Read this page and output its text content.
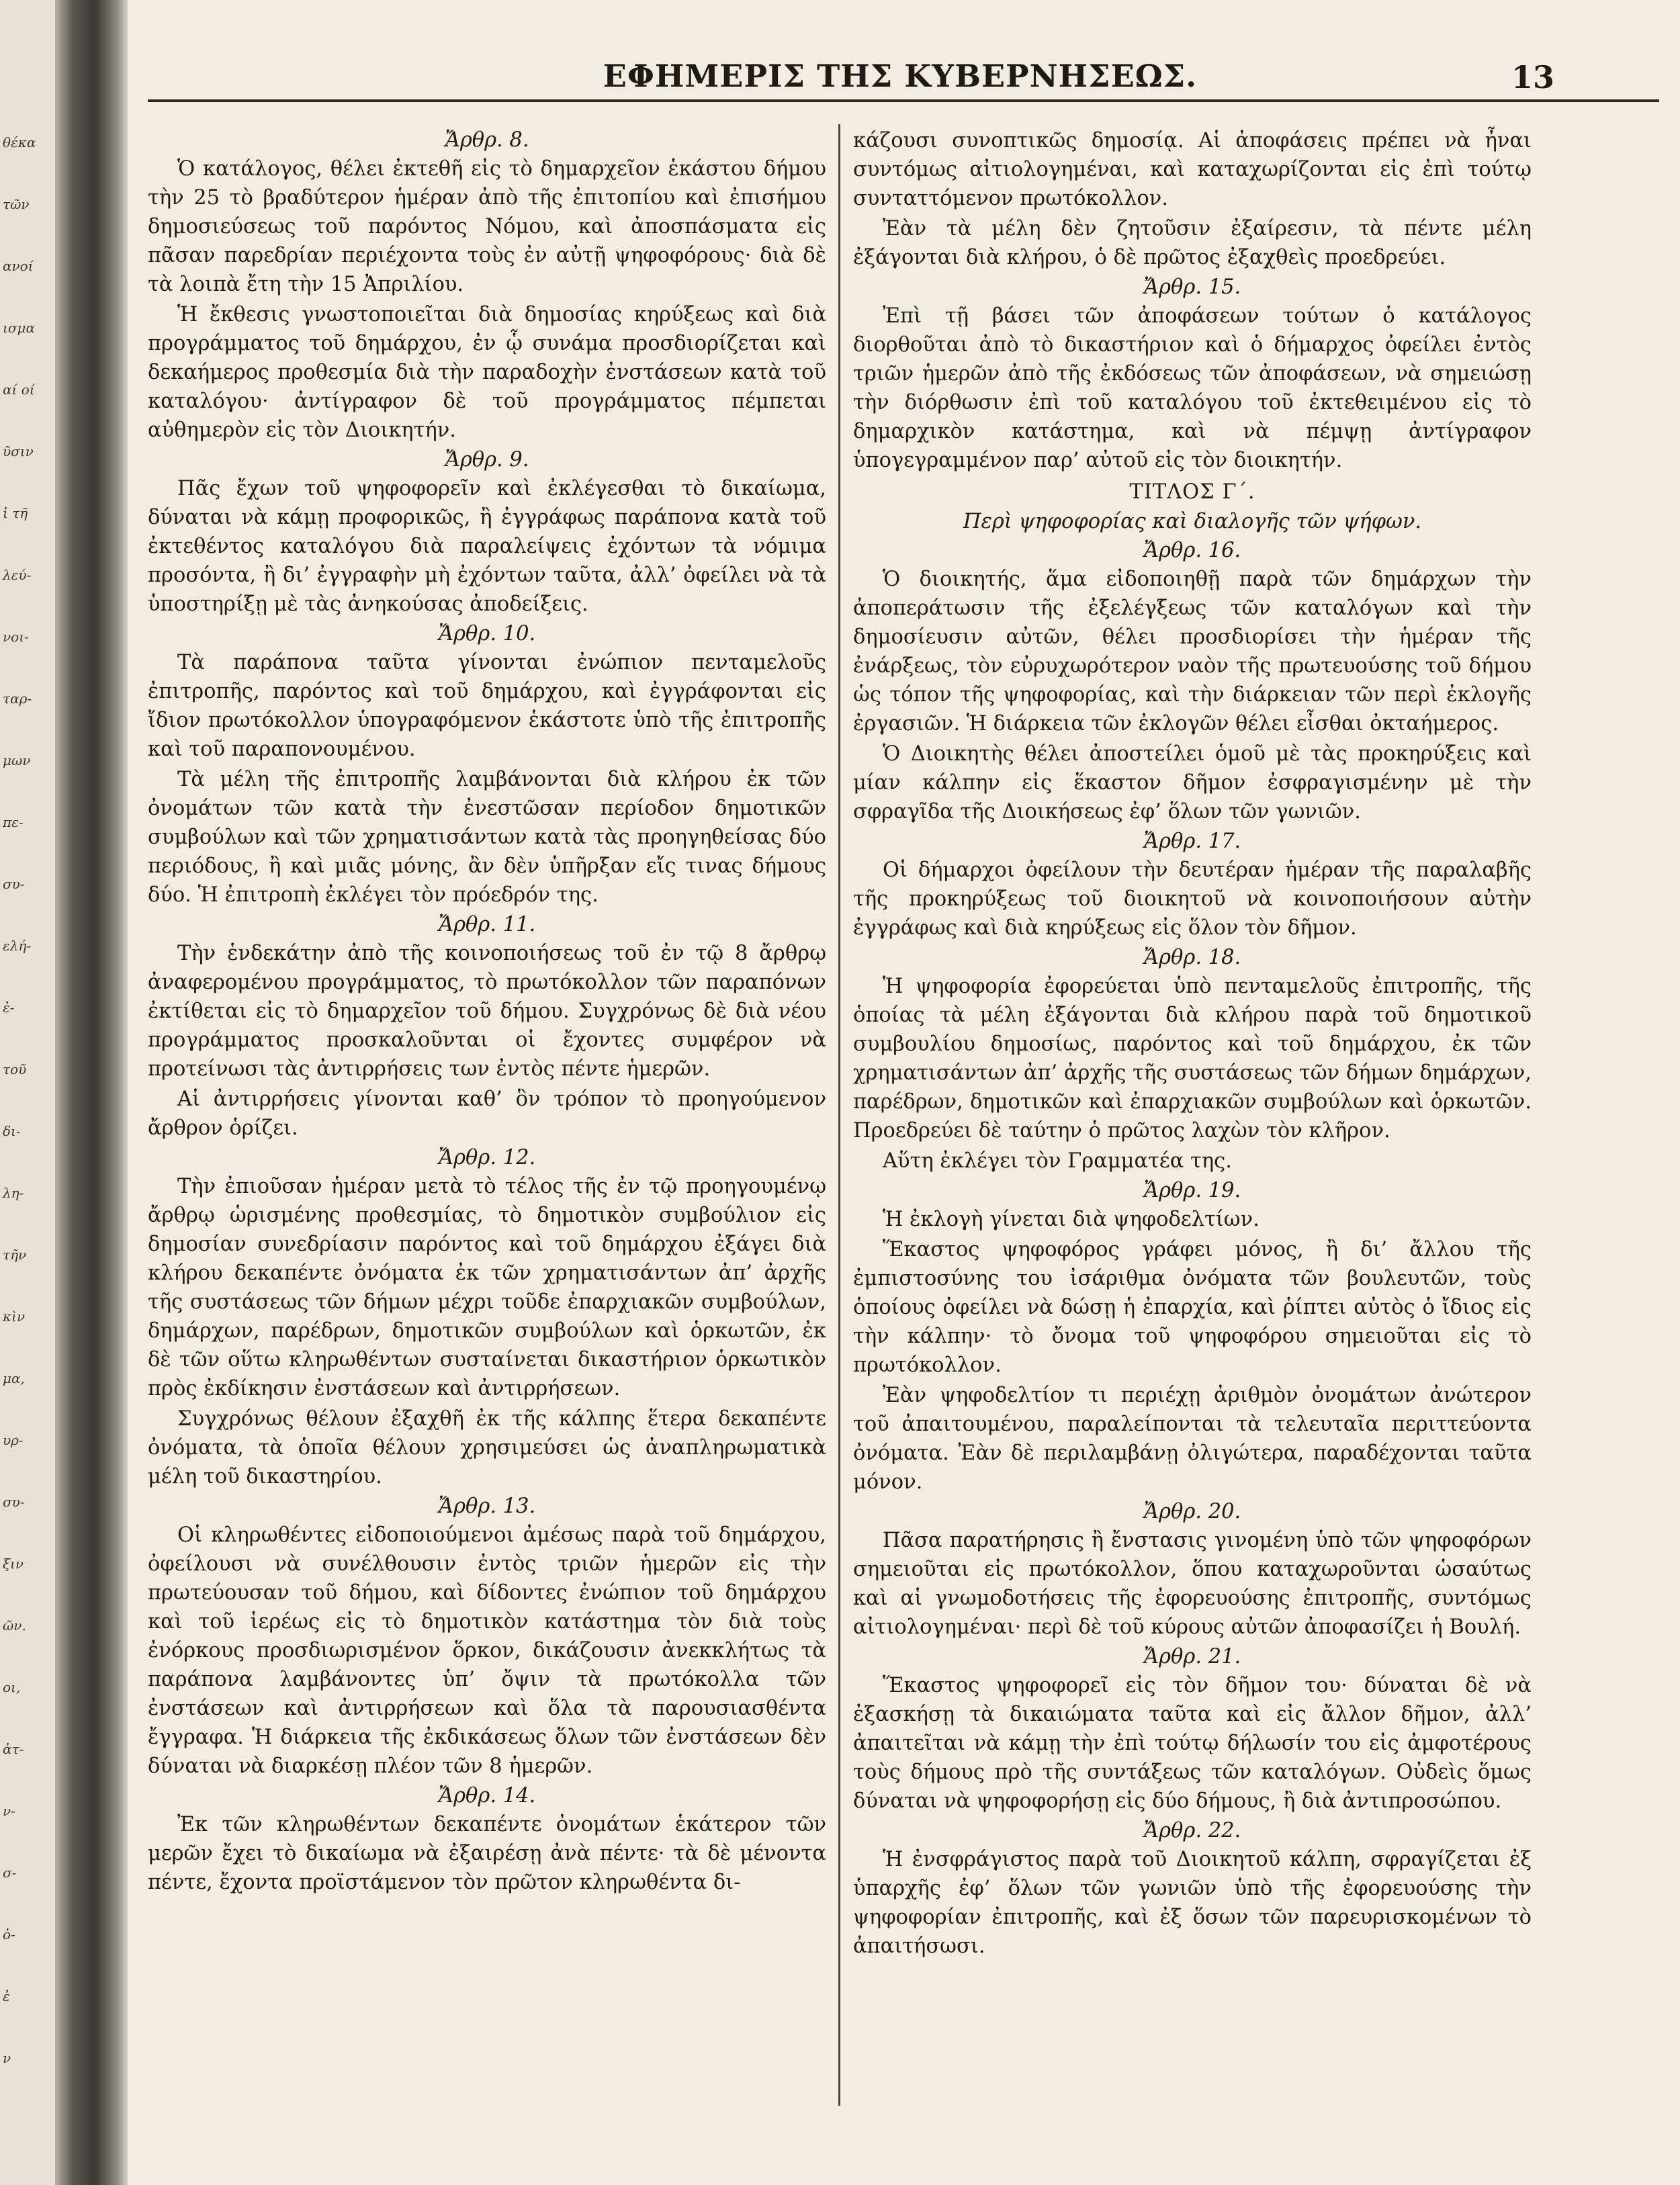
θέκα
τῶν
ανοί
ισμα
αί οί
ῦσιν
ἰ τῆ
λεύ-
νοι-
ταρ-
μων
πε-
συ-
ελή-
ἐ-
τοῦ
δι-
λη-
τῆν
κὶν
μα,
υρ-
συ-
ξιν
ῶν.
οι,
ἀτ-
ν-
σ-
ὀ-
ἐ
ν
ΕΦΗΜΕΡΙΣ ΤΗΣ ΚΥΒΕΡΝΗΣΕΩΣ.	13

Ἄρθρ. 8.

Ὁ κατάλογος, θέλει ἐκτεθῆ εἰς τὸ δημαρχεῖον ἑκάστου δήμου τὴν 25 τὸ βραδύτερον ἡμέραν ἀπὸ τῆς ἐπιτοπίου καὶ ἐπισήμου δημοσιεύσεως τοῦ παρόντος Νόμου, καὶ ἀποσπάσματα εἰς πᾶσαν παρεδρίαν περιέχοντα τοὺς ἐν αὐτῇ ψηφοφόρους· διὰ δὲ τὰ λοιπὰ ἔτη τὴν 15 Ἀπριλίου.

Ἡ ἔκθεσις γνωστοποιεῖται διὰ δημοσίας κηρύξεως καὶ διὰ προγράμματος τοῦ δημάρχου, ἐν ᾧ συνάμα προσδιορίζεται καὶ δεκαήμερος προθεσμία διὰ τὴν παραδοχὴν ἐνστάσεων κατὰ τοῦ καταλόγου· ἀντίγραφον δὲ τοῦ προγράμματος πέμπεται αὐθημερὸν εἰς τὸν Διοικητήν.

Ἄρθρ. 9.

Πᾶς ἔχων τοῦ ψηφοφορεῖν καὶ ἐκλέγεσθαι τὸ δικαίωμα, δύναται νὰ κάμῃ προφορικῶς, ἢ ἐγγράφως παράπονα κατὰ τοῦ ἐκτεθέντος καταλόγου διὰ παραλείψεις ἐχόντων τὰ νόμιμα προσόντα, ἢ δι’ ἐγγραφὴν μὴ ἐχόντων ταῦτα, ἀλλ’ ὀφείλει νὰ τὰ ὑποστηρίξῃ μὲ τὰς ἀνηκούσας ἀποδείξεις.

Ἄρθρ. 10.

Τὰ παράπονα ταῦτα γίνονται ἐνώπιον πενταμελοῦς ἐπιτροπῆς, παρόντος καὶ τοῦ δημάρχου, καὶ ἐγγράφονται εἰς ἴδιον πρωτόκολλον ὑπογραφόμενον ἑκάστοτε ὑπὸ τῆς ἐπιτροπῆς καὶ τοῦ παραπονουμένου.

Τὰ μέλη τῆς ἐπιτροπῆς λαμβάνονται διὰ κλήρου ἐκ τῶν ὀνομάτων τῶν κατὰ τὴν ἐνεστῶσαν περίοδον δημοτικῶν συμβούλων καὶ τῶν χρηματισάντων κατὰ τὰς προηγηθείσας δύο περιόδους, ἢ καὶ μιᾶς μόνης, ἂν δὲν ὑπῆρξαν εἴς τινας δήμους δύο. Ἡ ἐπιτροπὴ ἐκλέγει τὸν πρόεδρόν της.

Ἄρθρ. 11.

Τὴν ἑνδεκάτην ἀπὸ τῆς κοινοποιήσεως τοῦ ἐν τῷ 8 ἄρθρῳ ἀναφερομένου προγράμματος, τὸ πρωτόκολλον τῶν παραπόνων ἐκτίθεται εἰς τὸ δημαρχεῖον τοῦ δήμου. Συγχρόνως δὲ διὰ νέου προγράμματος προσκαλοῦνται οἱ ἔχοντες συμφέρον νὰ προτείνωσι τὰς ἀντιρρήσεις των ἐντὸς πέντε ἡμερῶν.

Αἱ ἀντιρρήσεις γίνονται καθ’ ὃν τρόπον τὸ προηγούμενον ἄρθρον ὁρίζει.

Ἄρθρ. 12.

Τὴν ἐπιοῦσαν ἡμέραν μετὰ τὸ τέλος τῆς ἐν τῷ προηγουμένῳ ἄρθρῳ ὡρισμένης προθεσμίας, τὸ δημοτικὸν συμβούλιον εἰς δημοσίαν συνεδρίασιν παρόντος καὶ τοῦ δημάρχου ἐξάγει διὰ κλήρου δεκαπέντε ὀνόματα ἐκ τῶν χρηματισάντων ἀπ’ ἀρχῆς τῆς συστάσεως τῶν δήμων μέχρι τοῦδε ἐπαρχιακῶν συμβούλων, δημάρχων, παρέδρων, δημοτικῶν συμβούλων καὶ ὁρκωτῶν, ἐκ δὲ τῶν οὕτω κληρωθέντων συσταίνεται δικαστήριον ὁρκωτικὸν πρὸς ἐκδίκησιν ἐνστάσεων καὶ ἀντιρρήσεων.

Συγχρόνως θέλουν ἐξαχθῆ ἐκ τῆς κάλπης ἕτερα δεκαπέντε ὀνόματα, τὰ ὁποῖα θέλουν χρησιμεύσει ὡς ἀναπληρωματικὰ μέλη τοῦ δικαστηρίου.

Ἄρθρ. 13.

Οἱ κληρωθέντες εἰδοποιούμενοι ἀμέσως παρὰ τοῦ δημάρχου, ὀφείλουσι νὰ συνέλθουσιν ἐντὸς τριῶν ἡμερῶν εἰς τὴν πρωτεύουσαν τοῦ δήμου, καὶ δίδοντες ἐνώπιον τοῦ δημάρχου καὶ τοῦ ἱερέως εἰς τὸ δημοτικὸν κατάστημα τὸν διὰ τοὺς ἐνόρκους προσδιωρισμένον ὅρκον, δικάζουσιν ἀνεκκλήτως τὰ παράπονα λαμβάνοντες ὑπ’ ὄψιν τὰ πρωτόκολλα τῶν ἐνστάσεων καὶ ἀντιρρήσεων καὶ ὅλα τὰ παρουσιασθέντα ἔγγραφα. Ἡ διάρκεια τῆς ἐκδικάσεως ὅλων τῶν ἐνστάσεων δὲν δύναται νὰ διαρκέσῃ πλέον τῶν 8 ἡμερῶν.

Ἄρθρ. 14.

Ἐκ τῶν κληρωθέντων δεκαπέντε ὀνομάτων ἑκάτερον τῶν μερῶν ἔχει τὸ δικαίωμα νὰ ἐξαιρέσῃ ἀνὰ πέντε· τὰ δὲ μένοντα πέντε, ἔχοντα προϊστάμενον τὸν πρῶτον κληρωθέντα δι-

κάζουσι συνοπτικῶς δημοσίᾳ. Αἱ ἀποφάσεις πρέπει νὰ ἦναι συντόμως αἰτιολογημέναι, καὶ καταχωρίζονται εἰς ἐπὶ τούτῳ συνταττόμενον πρωτόκολλον.

Ἐὰν τὰ μέλη δὲν ζητοῦσιν ἐξαίρεσιν, τὰ πέντε μέλη ἐξάγονται διὰ κλήρου, ὁ δὲ πρῶτος ἐξαχθεὶς προεδρεύει.

Ἄρθρ. 15.

Ἐπὶ τῇ βάσει τῶν ἀποφάσεων τούτων ὁ κατάλογος διορθοῦται ἀπὸ τὸ δικαστήριον καὶ ὁ δήμαρχος ὀφείλει ἐντὸς τριῶν ἡμερῶν ἀπὸ τῆς ἐκδόσεως τῶν ἀποφάσεων, νὰ σημειώσῃ τὴν διόρθωσιν ἐπὶ τοῦ καταλόγου τοῦ ἐκτεθειμένου εἰς τὸ δημαρχικὸν κατάστημα, καὶ νὰ πέμψῃ ἀντίγραφον ὑπογεγραμμένον παρ’ αὐτοῦ εἰς τὸν διοικητήν.

ΤΙΤΛΟΣ Γ΄.

Περὶ ψηφοφορίας καὶ διαλογῆς τῶν ψήφων.

Ἄρθρ. 16.

Ὁ διοικητής, ἅμα εἰδοποιηθῇ παρὰ τῶν δημάρχων τὴν ἀποπεράτωσιν τῆς ἐξελέγξεως τῶν καταλόγων καὶ τὴν δημοσίευσιν αὐτῶν, θέλει προσδιορίσει τὴν ἡμέραν τῆς ἐνάρξεως, τὸν εὐρυχωρότερον ναὸν τῆς πρωτευούσης τοῦ δήμου ὡς τόπον τῆς ψηφοφορίας, καὶ τὴν διάρκειαν τῶν περὶ ἐκλογῆς ἐργασιῶν. Ἡ διάρκεια τῶν ἐκλογῶν θέλει εἶσθαι ὀκταήμερος.

Ὁ Διοικητὴς θέλει ἀποστείλει ὁμοῦ μὲ τὰς προκηρύξεις καὶ μίαν κάλπην εἰς ἕκαστον δῆμον ἐσφραγισμένην μὲ τὴν σφραγῖδα τῆς Διοικήσεως ἐφ’ ὅλων τῶν γωνιῶν.

Ἄρθρ. 17.

Οἱ δήμαρχοι ὀφείλουν τὴν δευτέραν ἡμέραν τῆς παραλαβῆς τῆς προκηρύξεως τοῦ διοικητοῦ νὰ κοινοποιήσουν αὐτὴν ἐγγράφως καὶ διὰ κηρύξεως εἰς ὅλον τὸν δῆμον.

Ἄρθρ. 18.

Ἡ ψηφοφορία ἐφορεύεται ὑπὸ πενταμελοῦς ἐπιτροπῆς, τῆς ὁποίας τὰ μέλη ἐξάγονται διὰ κλήρου παρὰ τοῦ δημοτικοῦ συμβουλίου δημοσίως, παρόντος καὶ τοῦ δημάρχου, ἐκ τῶν χρηματισάντων ἀπ’ ἀρχῆς τῆς συστάσεως τῶν δήμων δημάρχων, παρέδρων, δημοτικῶν καὶ ἐπαρχιακῶν συμβούλων καὶ ὁρκωτῶν. Προεδρεύει δὲ ταύτην ὁ πρῶτος λαχὼν τὸν κλῆρον.

Αὕτη ἐκλέγει τὸν Γραμματέα της.

Ἄρθρ. 19.

Ἡ ἐκλογὴ γίνεται διὰ ψηφοδελτίων.

Ἕκαστος ψηφοφόρος γράφει μόνος, ἢ δι’ ἄλλου τῆς ἐμπιστοσύνης του ἰσάριθμα ὀνόματα τῶν βουλευτῶν, τοὺς ὁποίους ὀφείλει νὰ δώσῃ ἡ ἐπαρχία, καὶ ῥίπτει αὐτὸς ὁ ἴδιος εἰς τὴν κάλπην· τὸ ὄνομα τοῦ ψηφοφόρου σημειοῦται εἰς τὸ πρωτόκολλον.

Ἐὰν ψηφοδελτίον τι περιέχῃ ἀριθμὸν ὀνομάτων ἀνώτερον τοῦ ἀπαιτουμένου, παραλείπονται τὰ τελευταῖα περιττεύοντα ὀνόματα. Ἐὰν δὲ περιλαμβάνῃ ὀλιγώτερα, παραδέχονται ταῦτα μόνον.

Ἄρθρ. 20.

Πᾶσα παρατήρησις ἢ ἔνστασις γινομένη ὑπὸ τῶν ψηφοφόρων σημειοῦται εἰς πρωτόκολλον, ὅπου καταχωροῦνται ὡσαύτως καὶ αἱ γνωμοδοτήσεις τῆς ἐφορευούσης ἐπιτροπῆς, συντόμως αἰτιολογημέναι· περὶ δὲ τοῦ κύρους αὐτῶν ἀποφασίζει ἡ Βουλή.

Ἄρθρ. 21.

Ἕκαστος ψηφοφορεῖ εἰς τὸν δῆμον του· δύναται δὲ νὰ ἐξασκήσῃ τὰ δικαιώματα ταῦτα καὶ εἰς ἄλλον δῆμον, ἀλλ’ ἀπαιτεῖται νὰ κάμῃ τὴν ἐπὶ τούτῳ δήλωσίν του εἰς ἀμφοτέρους τοὺς δήμους πρὸ τῆς συντάξεως τῶν καταλόγων. Οὐδεὶς ὅμως δύναται νὰ ψηφοφορήσῃ εἰς δύο δήμους, ἢ διὰ ἀντιπροσώπου.

Ἄρθρ. 22.

Ἡ ἐνσφράγιστος παρὰ τοῦ Διοικητοῦ κάλπη, σφραγίζεται ἐξ ὑπαρχῆς ἐφ’ ὅλων τῶν γωνιῶν ὑπὸ τῆς ἐφορευούσης τὴν ψηφοφορίαν ἐπιτροπῆς, καὶ ἐξ ὅσων τῶν παρευρισκομένων τὸ ἀπαιτήσωσι.
